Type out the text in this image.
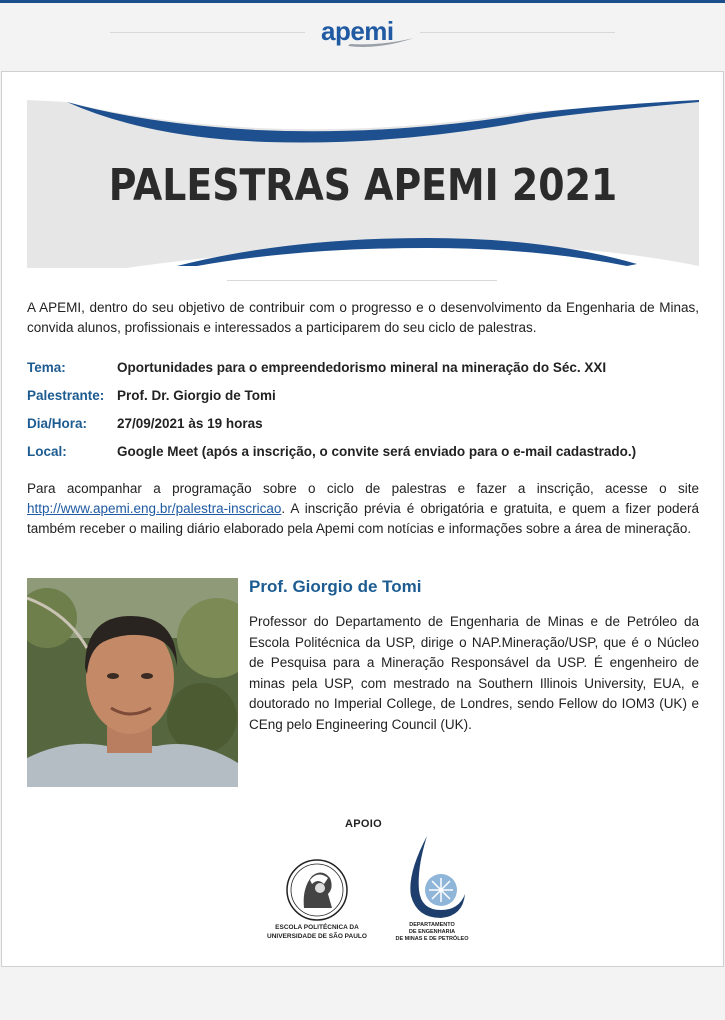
apemi
PALESTRAS APEMI 2021

A APEMI, dentro do seu objetivo de contribuir com o progresso e o desenvolvimento da Engenharia de Minas, convida alunos, profissionais e interessados a participarem do seu ciclo de palestras.

Tema:	Oportunidades para o empreendedorismo mineral na mineração do Séc. XXI
Palestrante: Prof. Dr. Giorgio de Tomi
Dia/Hora: 27/09/2021 às 19 horas
Local:	Google Meet (após a inscrição, o convite será enviado para o e-mail cadastrado.)

Para acompanhar a programação sobre o ciclo de palestras e fazer a inscrição, acesse o site http://www.apemi.eng.br/palestra-inscricao. A inscrição prévia é obrigatória e gratuita, e quem a fizer poderá também receber o mailing diário elaborado pela Apemi com notícias e informações sobre a área de mineração.

Prof. Giorgio de Tomi

Professor do Departamento de Engenharia de Minas e de Petróleo da Escola Politécnica da USP, dirige o NAP.Mineração/USP, que é o Núcleo de Pesquisa para a Mineração Responsável da USP. É engenheiro de minas pela USP, com mestrado na Southern Illinois University, EUA, e doutorado no Imperial College, de Londres, sendo Fellow do IOM3 (UK) e CEng pelo Engineering Council (UK).

APOIO
ESCOLA POLITÉCNICA DA
UNIVERSIDADE DE SÃO PAULO
DEPARTAMENTO
DE ENGENHARIA
DE MINAS E DE PETRÓLEO
